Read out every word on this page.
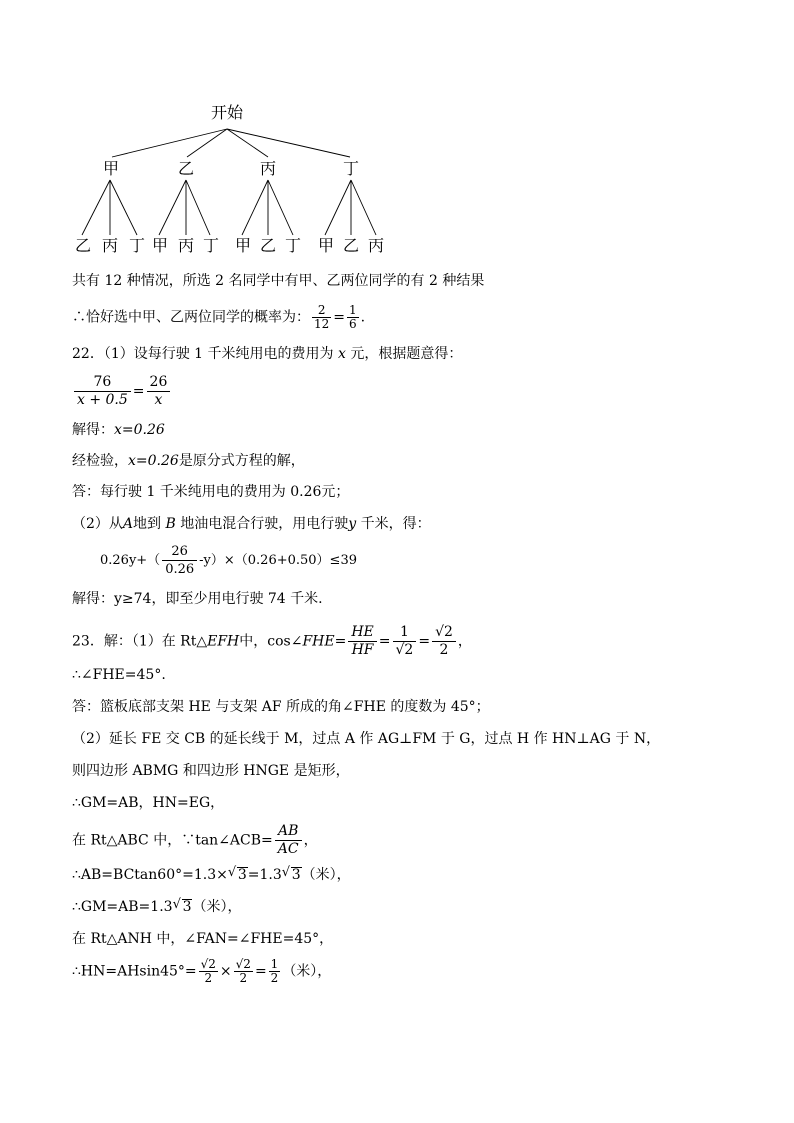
开始
甲	乙	丙	丁
乙 丙 丁 甲 丙 丁 甲 乙 丁 甲 乙 丙
共有 12 种情况，所选 2 名同学中有甲、乙两位同学的有 2 种结果
∴恰好选中甲、乙两位同学的概率为： $\frac{2}{12} = \frac{1}{6}$ .
22．（1）设每行驶 1 千米纯用电的费用为 x 元，根据题意得：
$\frac{76}{x + 0.5} = \frac{26}{x}$
解得：x=0.26
经检验，x=0.26是原分式方程的解，
答：每行驶 1 千米纯用电的费用为 0.26元；
（2）从A地到 B 地油电混合行驶，用电行驶y 千米，得：
$0.26y+( \frac{26}{0.26} -y)\times(0.26+0.50)\le 39$
解得：y≥74，即至少用电行驶 74 千米.
23．解：（1）在 Rt△EFH中，cos∠FHE= $\frac{HE}{HF} = \frac{1}{√2} = \frac{√2}{2}$ ，
∴∠FHE=45°.
答：篮板底部支架 HE 与支架 AF 所成的角∠FHE 的度数为 45°；
（2）延长 FE 交 CB 的延长线于 M，过点 A 作 AG⊥FM 于 G，过点 H 作 HN⊥AG 于 N，
则四边形 ABMG 和四边形 HNGE 是矩形，
∴GM=AB，HN=EG，
在 Rt△ABC 中，∵tan∠ACB= $\frac{AB}{AC}$ ，
∴AB=BCtan60°=1.3× √ 3=1.3 √ 3（米），
∴GM=AB=1.3 √ 3（米），
在 Rt△ANH 中，∠FAN=∠FHE=45°，
∴HN=AHsin45°= $\frac{√2}{2} \times \frac{√2}{2} = \frac{1}{2}$ （米），
